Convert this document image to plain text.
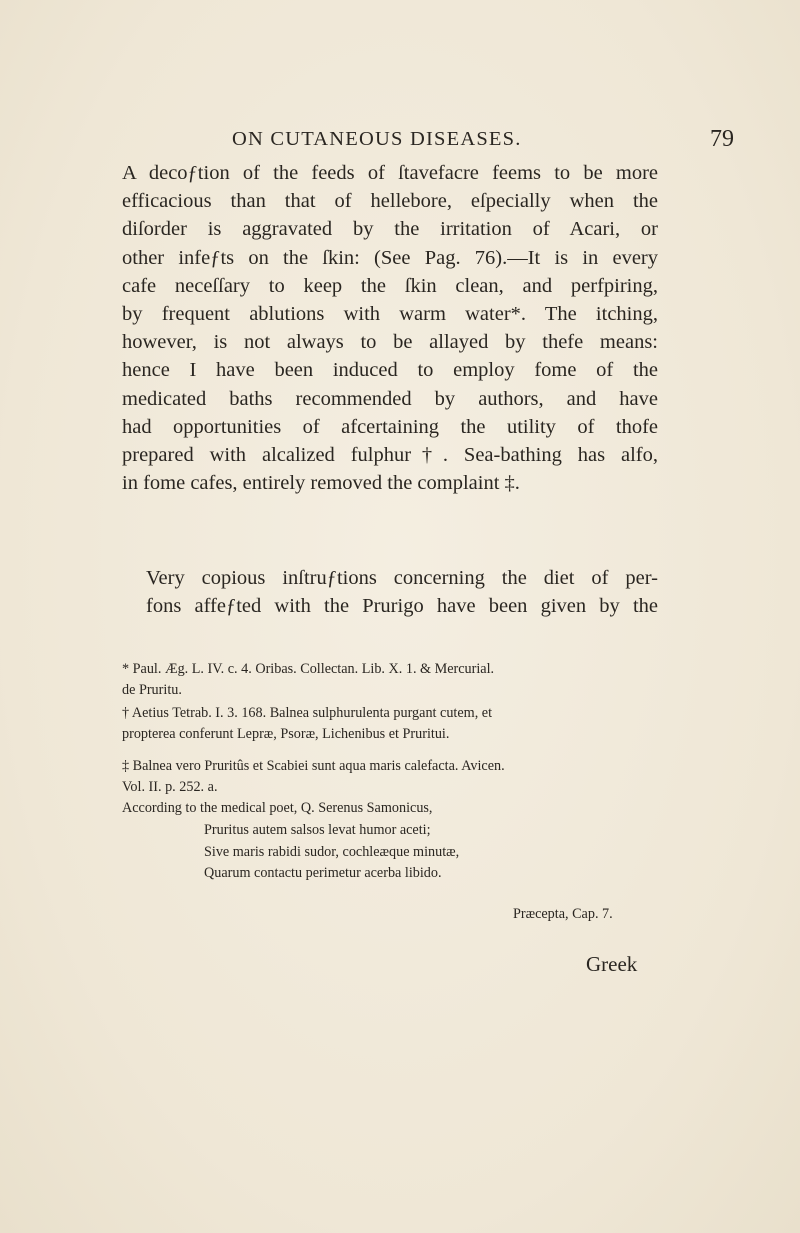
ON CUTANEOUS DISEASES.	79
A decoƒtion of the feeds of ſtavefacre feems to be more
efficacious than that of hellebore, eſpecially when the
diſorder is aggravated by the irritation of Acari, or
other infeƒts on the ſkin: (See Pag. 76).—It is in every
cafe neceſſary to keep the ſkin clean, and perfpiring,
by frequent ablutions with warm water*. The itching,
however, is not always to be allayed by thefe means:
hence I have been induced to employ fome of the
medicated baths recommended by authors, and have
had opportunities of afcertaining the utility of thofe
prepared with alcalized fulphur†. Sea-bathing has alfo,
in fome cafes, entirely removed the complaint ‡.
Very copious inſtruƒtions concerning the diet of per-
fons affeƒted with the Prurigo have been given by the
* Paul. Æg. L. IV. c. 4. Oribas. Collectan. Lib. X. 1. & Mercurial.
de Pruritu.
† Aetius Tetrab. I. 3. 168. Balnea sulphurulenta purgant cutem, et
propterea conferunt Lepræ, Psoræ, Lichenibus et Pruritui.
‡ Balnea vero Pruritûs et Scabiei sunt aqua maris calefacta. Avicen.
Vol. II. p. 252. a.
According to the medical poet, Q. Serenus Samonicus,
Pruritus autem salsos levat humor aceti;
Sive maris rabidi sudor, cochleæque minutæ,
Quarum contactu perimetur acerba libido.
Præcepta, Cap. 7.
Greek
